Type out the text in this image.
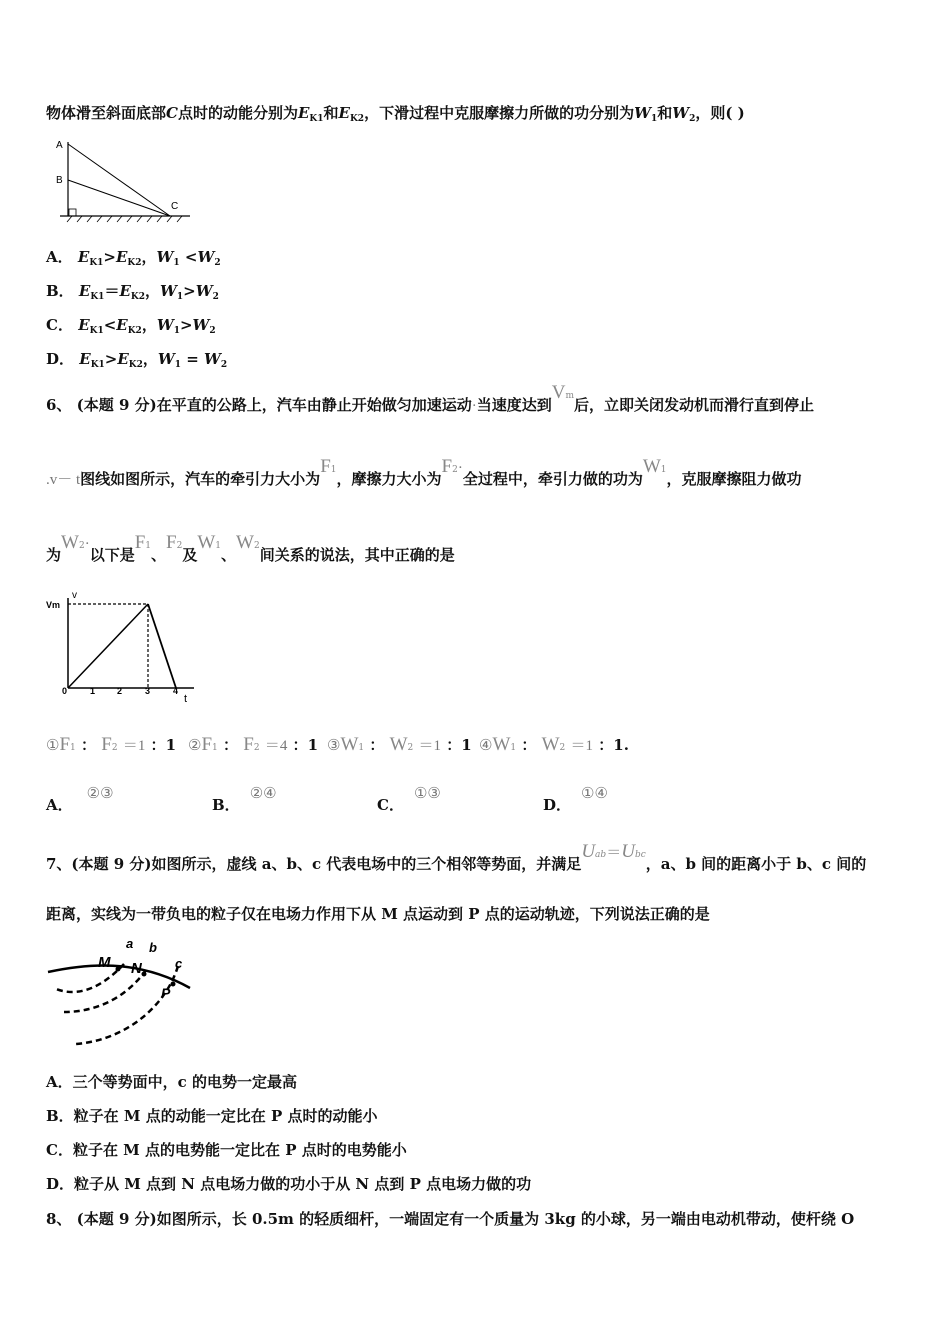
物体滑至斜面底部C点时的动能分别为$E_{K1}$和$E_{K2}$，下滑过程中克服摩擦力所做的功分别为$W_1$和$W_2$，则( )
A
B
C
A． $E_{K1}>E_{K2}$，$W_1 <W_2$
B． $E_{K1}=E_{K2}$，$W_1>W_2$
C． $E_{K1}<E_{K2}$，$W_1>W_2$
D． $E_{K1}>E_{K2}$，$W_1 = W_2$
6、 (本题 9 分)在平直的公路上，汽车由静止开始做匀加速运动·当速度达到$V^m$后，立即关闭发动机而滑行直到停止
.v－ t图线如图所示，汽车的牵引力大小为$F^1$，摩擦力大小为$F^2\cdot$全过程中，牵引力做的功为$W^1$，克服摩擦阻力做功
为$W^2\cdot$以下是$F^1$、$F^2$及$W^1$、$W^2$间关系的说法，其中正确的是
Vm
v
t
0	1 2	3	4
①F1 ： F2 ＝1 ：1 ②F1 ： F2 ＝4 ：1 ③W1 ： W2 ＝1 ：1 ④W1 ： W2 ＝1 ：1.
A．②③
B．②④
C．①③
D．①④
7、(本题 9 分)如图所示，虚线 a、b、c 代表电场中的三个相邻等势面，并满足$U^{ab}=U^{bc}$，a、b 间的距离小于 b、c 间的
距离，实线为一带负电的粒子仅在电场力作用下从 M 点运动到 P 点的运动轨迹，下列说法正确的是
a b
c
M N
P
A．三个等势面中，c 的电势一定最高
B．粒子在 M 点的动能一定比在 P 点时的动能小
C．粒子在 M 点的电势能一定比在 P 点时的电势能小
D．粒子从 M 点到 N 点电场力做的功小于从 N 点到 P 点电场力做的功
8、 (本题 9 分)如图所示，长 0.5m 的轻质细杆，一端固定有一个质量为 3kg 的小球，另一端由电动机带动，使杆绕 O
